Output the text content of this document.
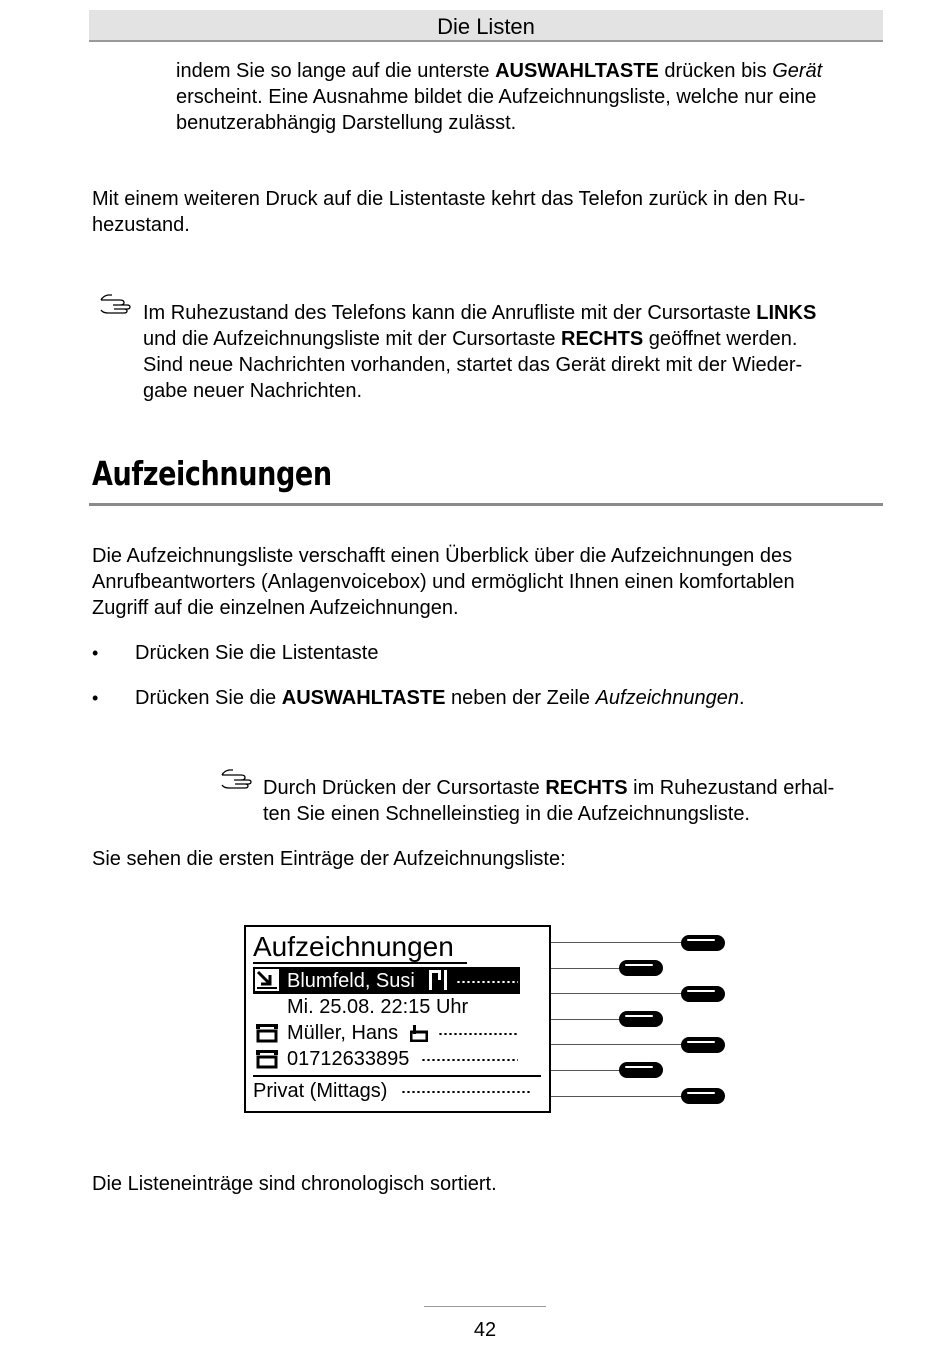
Die Listen

indem Sie so lange auf die unterste AUSWAHLTASTE drücken bis Gerät

erscheint. Eine Ausnahme bildet die Aufzeichnungsliste, welche nur eine

benutzerabhängig Darstellung zulässt.

Mit einem weiteren Druck auf die Listentaste kehrt das Telefon zurück in den Ru-

hezustand.

Im Ruhezustand des Telefons kann die Anrufliste mit der Cursortaste LINKS

und die Aufzeichnungsliste mit der Cursortaste RECHTS geöffnet werden.

Sind neue Nachrichten vorhanden, startet das Gerät direkt mit der Wieder-

gabe neuer Nachrichten.

Aufzeichnungen

Die Aufzeichnungsliste verschafft einen Überblick über die Aufzeichnungen des

Anrufbeantworters (Anlagenvoicebox) und ermöglicht Ihnen einen komfortablen

Zugriff auf die einzelnen Aufzeichnungen.

• Drücken Sie die Listentaste

• Drücken Sie die AUSWAHLTASTE neben der Zeile Aufzeichnungen.

Durch Drücken der Cursortaste RECHTS im Ruhezustand erhal-

ten Sie einen Schnelleinstieg in die Aufzeichnungsliste.

Sie sehen die ersten Einträge der Aufzeichnungsliste:

Aufzeichnungen
Blumfeld, Susi
Mi. 25.08. 22:15 Uhr
Müller, Hans
01712633895
Privat (Mittags)

Die Listeneinträge sind chronologisch sortiert.

42
